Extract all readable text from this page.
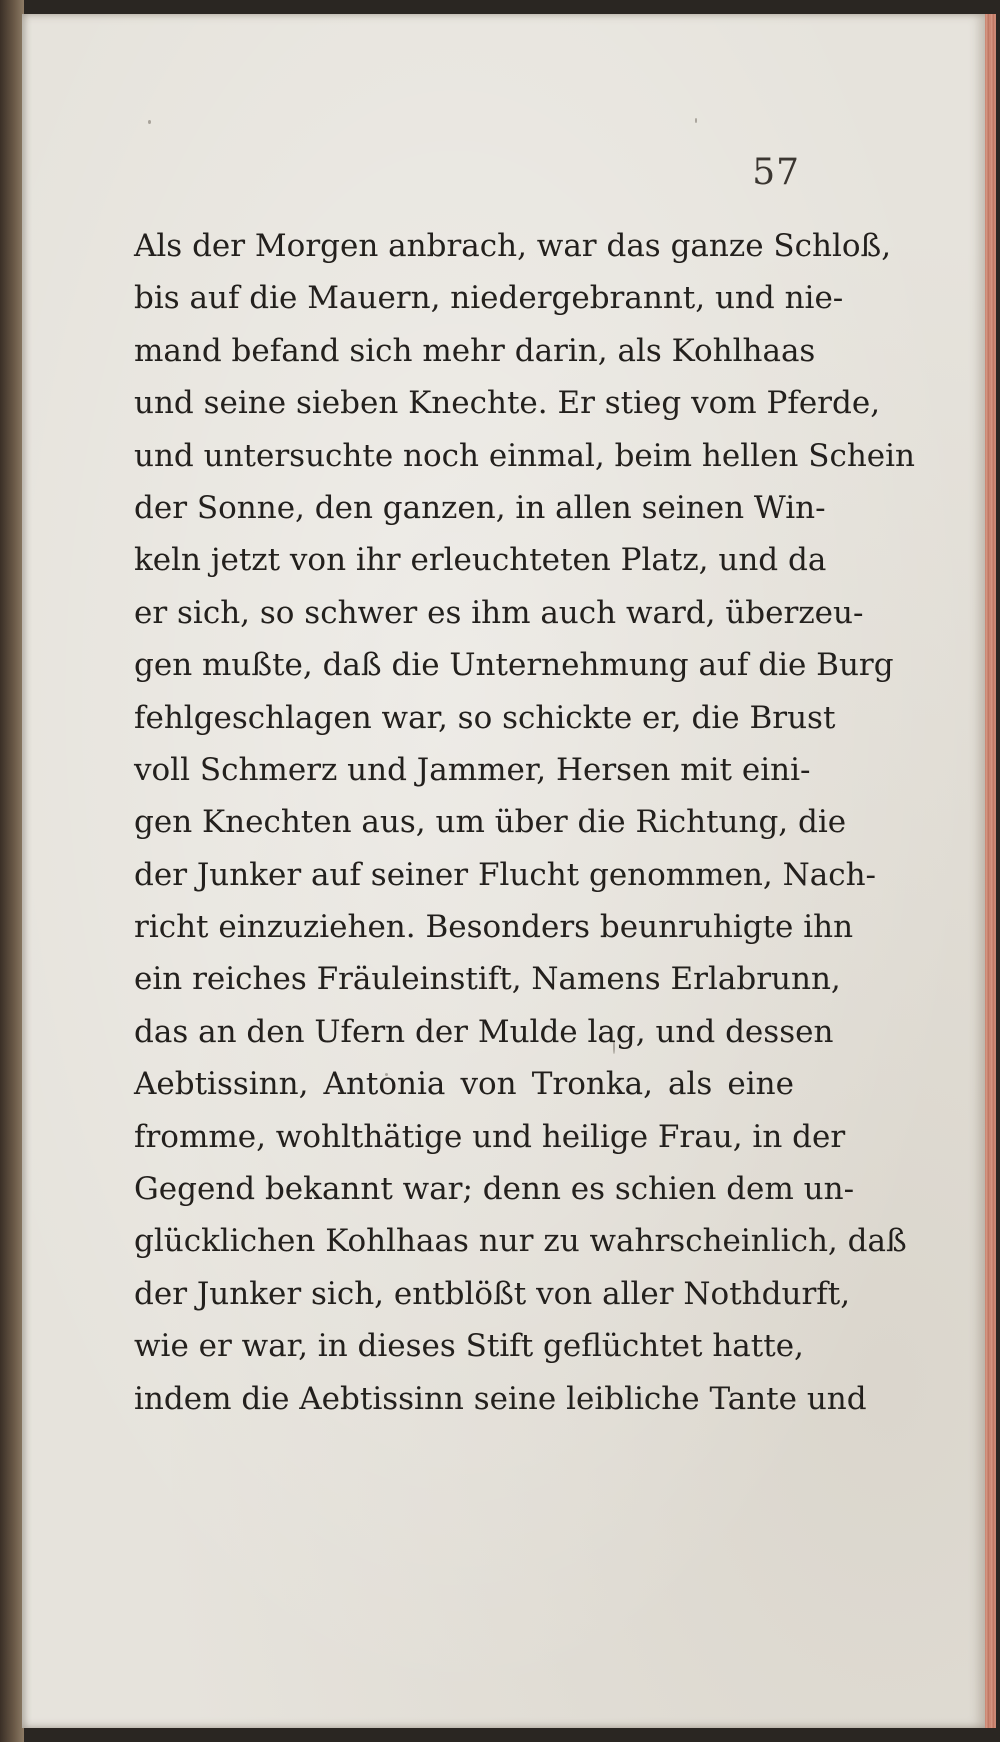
57
Als der Morgen anbrach, war das ganze Schloß,
bis auf die Mauern, niedergebrannt, und nie-
mand befand sich mehr darin, als Kohlhaas
und seine sieben Knechte. Er stieg vom Pferde,
und untersuchte noch einmal, beim hellen Schein
der Sonne, den ganzen, in allen seinen Win-
keln jetzt von ihr erleuchteten Platz, und da
er sich, so schwer es ihm auch ward, überzeu-
gen mußte, daß die Unternehmung auf die Burg
fehlgeschlagen war, so schickte er, die Brust
voll Schmerz und Jammer, Hersen mit eini-
gen Knechten aus, um über die Richtung, die
der Junker auf seiner Flucht genommen, Nach-
richt einzuziehen. Besonders beunruhigte ihn
ein reiches Fräuleinstift, Namens Erlabrunn,
das an den Ufern der Mulde lag, und dessen
Aebtissinn, Antonia von Tronka, als eine
fromme, wohlthätige und heilige Frau, in der
Gegend bekannt war; denn es schien dem un-
glücklichen Kohlhaas nur zu wahrscheinlich, daß
der Junker sich, entblößt von aller Nothdurft,
wie er war, in dieses Stift geflüchtet hatte,
indem die Aebtissinn seine leibliche Tante und
